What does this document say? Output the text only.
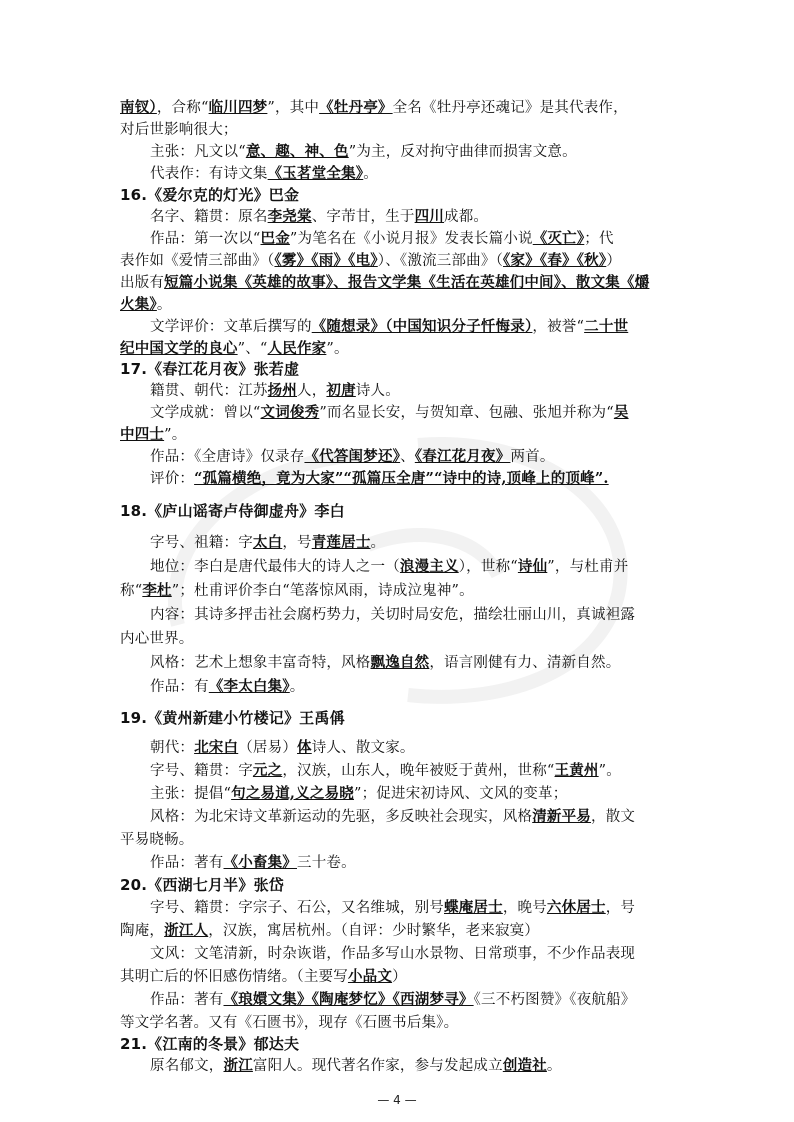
南钗），合称“临川四梦”，其中《牡丹亭》全名《牡丹亭还魂记》是其代表作，
对后世影响很大；
主张：凡文以“意、趣、神、色”为主，反对拘守曲律而损害文意。
代表作：有诗文集《玉茗堂全集》。
16.《爱尔克的灯光》巴金
名字、籍贯：原名李尧棠、字芾甘，生于四川成都。
作品：第一次以“巴金”为笔名在《小说月报》发表长篇小说《灭亡》；代
表作如《爱情三部曲》（《雾》《雨》《电》）、《激流三部曲》（《家》《春》《秋》）
出版有短篇小说集《英雄的故事》、报告文学集《生活在英雄们中间》、散文集《爝
火集》。
文学评价：文革后撰写的《随想录》（中国知识分子忏悔录），被誉“二十世
纪中国文学的良心”、“人民作家”。
17.《春江花月夜》张若虚
籍贯、朝代：江苏扬州人，初唐诗人。
文学成就：曾以“文词俊秀”而名显长安，与贺知章、包融、张旭并称为“吴
中四士”。
作品：《全唐诗》仅录存《代答闺梦还》、《春江花月夜》两首。
评价：“孤篇横绝，竟为大家”“孤篇压全唐”“诗中的诗,顶峰上的顶峰”.
18.《庐山谣寄卢侍御虚舟》李白
字号、祖籍：字太白，号青莲居士。
地位：李白是唐代最伟大的诗人之一（浪漫主义），世称“诗仙”，与杜甫并
称“李杜”；杜甫评价李白“笔落惊风雨，诗成泣鬼神”。
内容：其诗多抨击社会腐朽势力，关切时局安危，描绘壮丽山川，真诚袒露
内心世界。
风格：艺术上想象丰富奇特，风格飘逸自然，语言刚健有力、清新自然。
作品：有《李太白集》。
19.《黄州新建小竹楼记》王禹偁
朝代：北宋白（居易）体诗人、散文家。
字号、籍贯：字元之，汉族，山东人，晚年被贬于黄州，世称“王黄州”。
主张：提倡“句之易道,义之易晓”；促进宋初诗风、文风的变革；
风格：为北宋诗文革新运动的先驱，多反映社会现实，风格清新平易，散文
平易晓畅。
作品：著有《小畜集》三十卷。
20.《西湖七月半》张岱
字号、籍贯：字宗子、石公，又名维城，别号蝶庵居士，晚号六休居士，号
陶庵，浙江人，汉族，寓居杭州。（自评：少时繁华，老来寂寞）
文风：文笔清新，时杂诙谐，作品多写山水景物、日常琐事，不少作品表现
其明亡后的怀旧感伤情绪。（主要写小品文）
作品：著有《琅嬛文集》《陶庵梦忆》《西湖梦寻》《三不朽图赞》《夜航船》
等文学名著。又有《石匮书》，现存《石匮书后集》。
21.《江南的冬景》郁达夫
原名郁文，浙江富阳人。现代著名作家，参与发起成立创造社。
— 4 —
